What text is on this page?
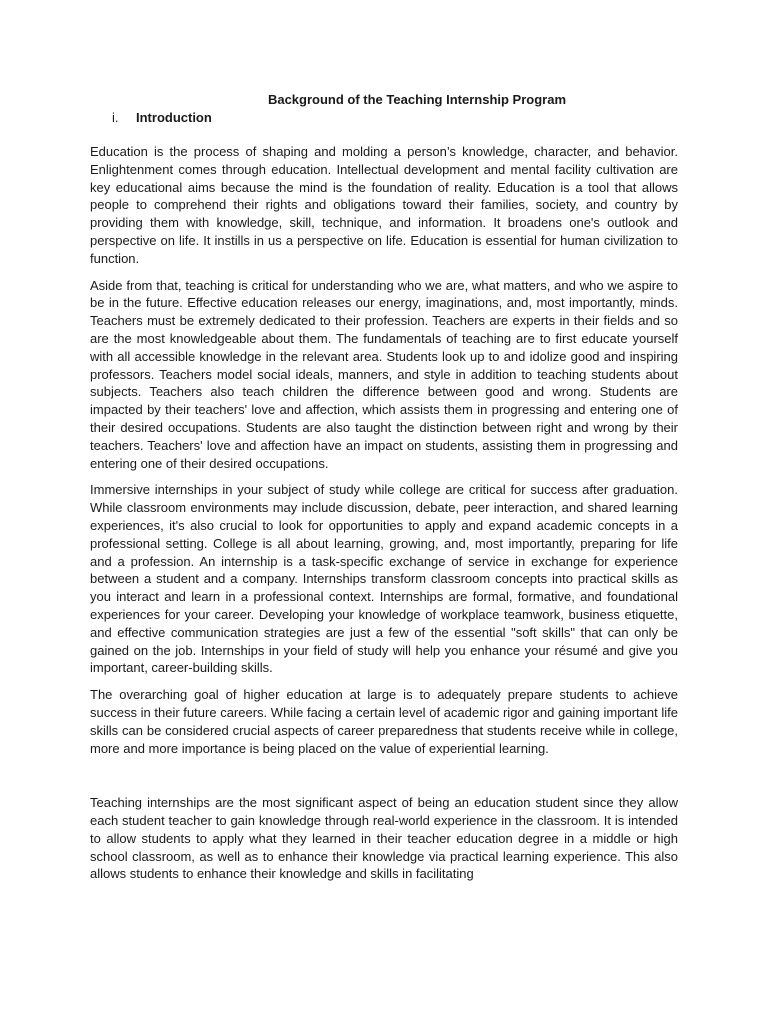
Background of the Teaching Internship Program
i.	Introduction

Education is the process of shaping and molding a person’s knowledge, character, and behavior. Enlightenment comes through education. Intellectual development and mental facility cultivation are key educational aims because the mind is the foundation of reality. Education is a tool that allows people to comprehend their rights and obligations toward their families, society, and country by providing them with knowledge, skill, technique, and information. It broadens one's outlook and perspective on life. It instills in us a perspective on life. Education is essential for human civilization to function.

Aside from that, teaching is critical for understanding who we are, what matters, and who we aspire to be in the future. Effective education releases our energy, imaginations, and, most importantly, minds. Teachers must be extremely dedicated to their profession. Teachers are experts in their fields and so are the most knowledgeable about them. The fundamentals of teaching are to first educate yourself with all accessible knowledge in the relevant area. Students look up to and idolize good and inspiring professors. Teachers model social ideals, manners, and style in addition to teaching students about subjects. Teachers also teach children the difference between good and wrong. Students are impacted by their teachers' love and affection, which assists them in progressing and entering one of their desired occupations. Students are also taught the distinction between right and wrong by their teachers. Teachers' love and affection have an impact on students, assisting them in progressing and entering one of their desired occupations.

Immersive internships in your subject of study while college are critical for success after graduation. While classroom environments may include discussion, debate, peer interaction, and shared learning experiences, it's also crucial to look for opportunities to apply and expand academic concepts in a professional setting. College is all about learning, growing, and, most importantly, preparing for life and a profession. An internship is a task-specific exchange of service in exchange for experience between a student and a company. Internships transform classroom concepts into practical skills as you interact and learn in a professional context. Internships are formal, formative, and foundational experiences for your career. Developing your knowledge of workplace teamwork, business etiquette, and effective communication strategies are just a few of the essential "soft skills" that can only be gained on the job. Internships in your field of study will help you enhance your résumé and give you important, career-building skills.

The overarching goal of higher education at large is to adequately prepare students to achieve success in their future careers. While facing a certain level of academic rigor and gaining important life skills can be considered crucial aspects of career preparedness that students receive while in college, more and more importance is being placed on the value of experiential learning.

Teaching internships are the most significant aspect of being an education student since they allow each student teacher to gain knowledge through real-world experience in the classroom. It is intended to allow students to apply what they learned in their teacher education degree in a middle or high school classroom, as well as to enhance their knowledge via practical learning experience. This also allows students to enhance their knowledge and skills in facilitating
